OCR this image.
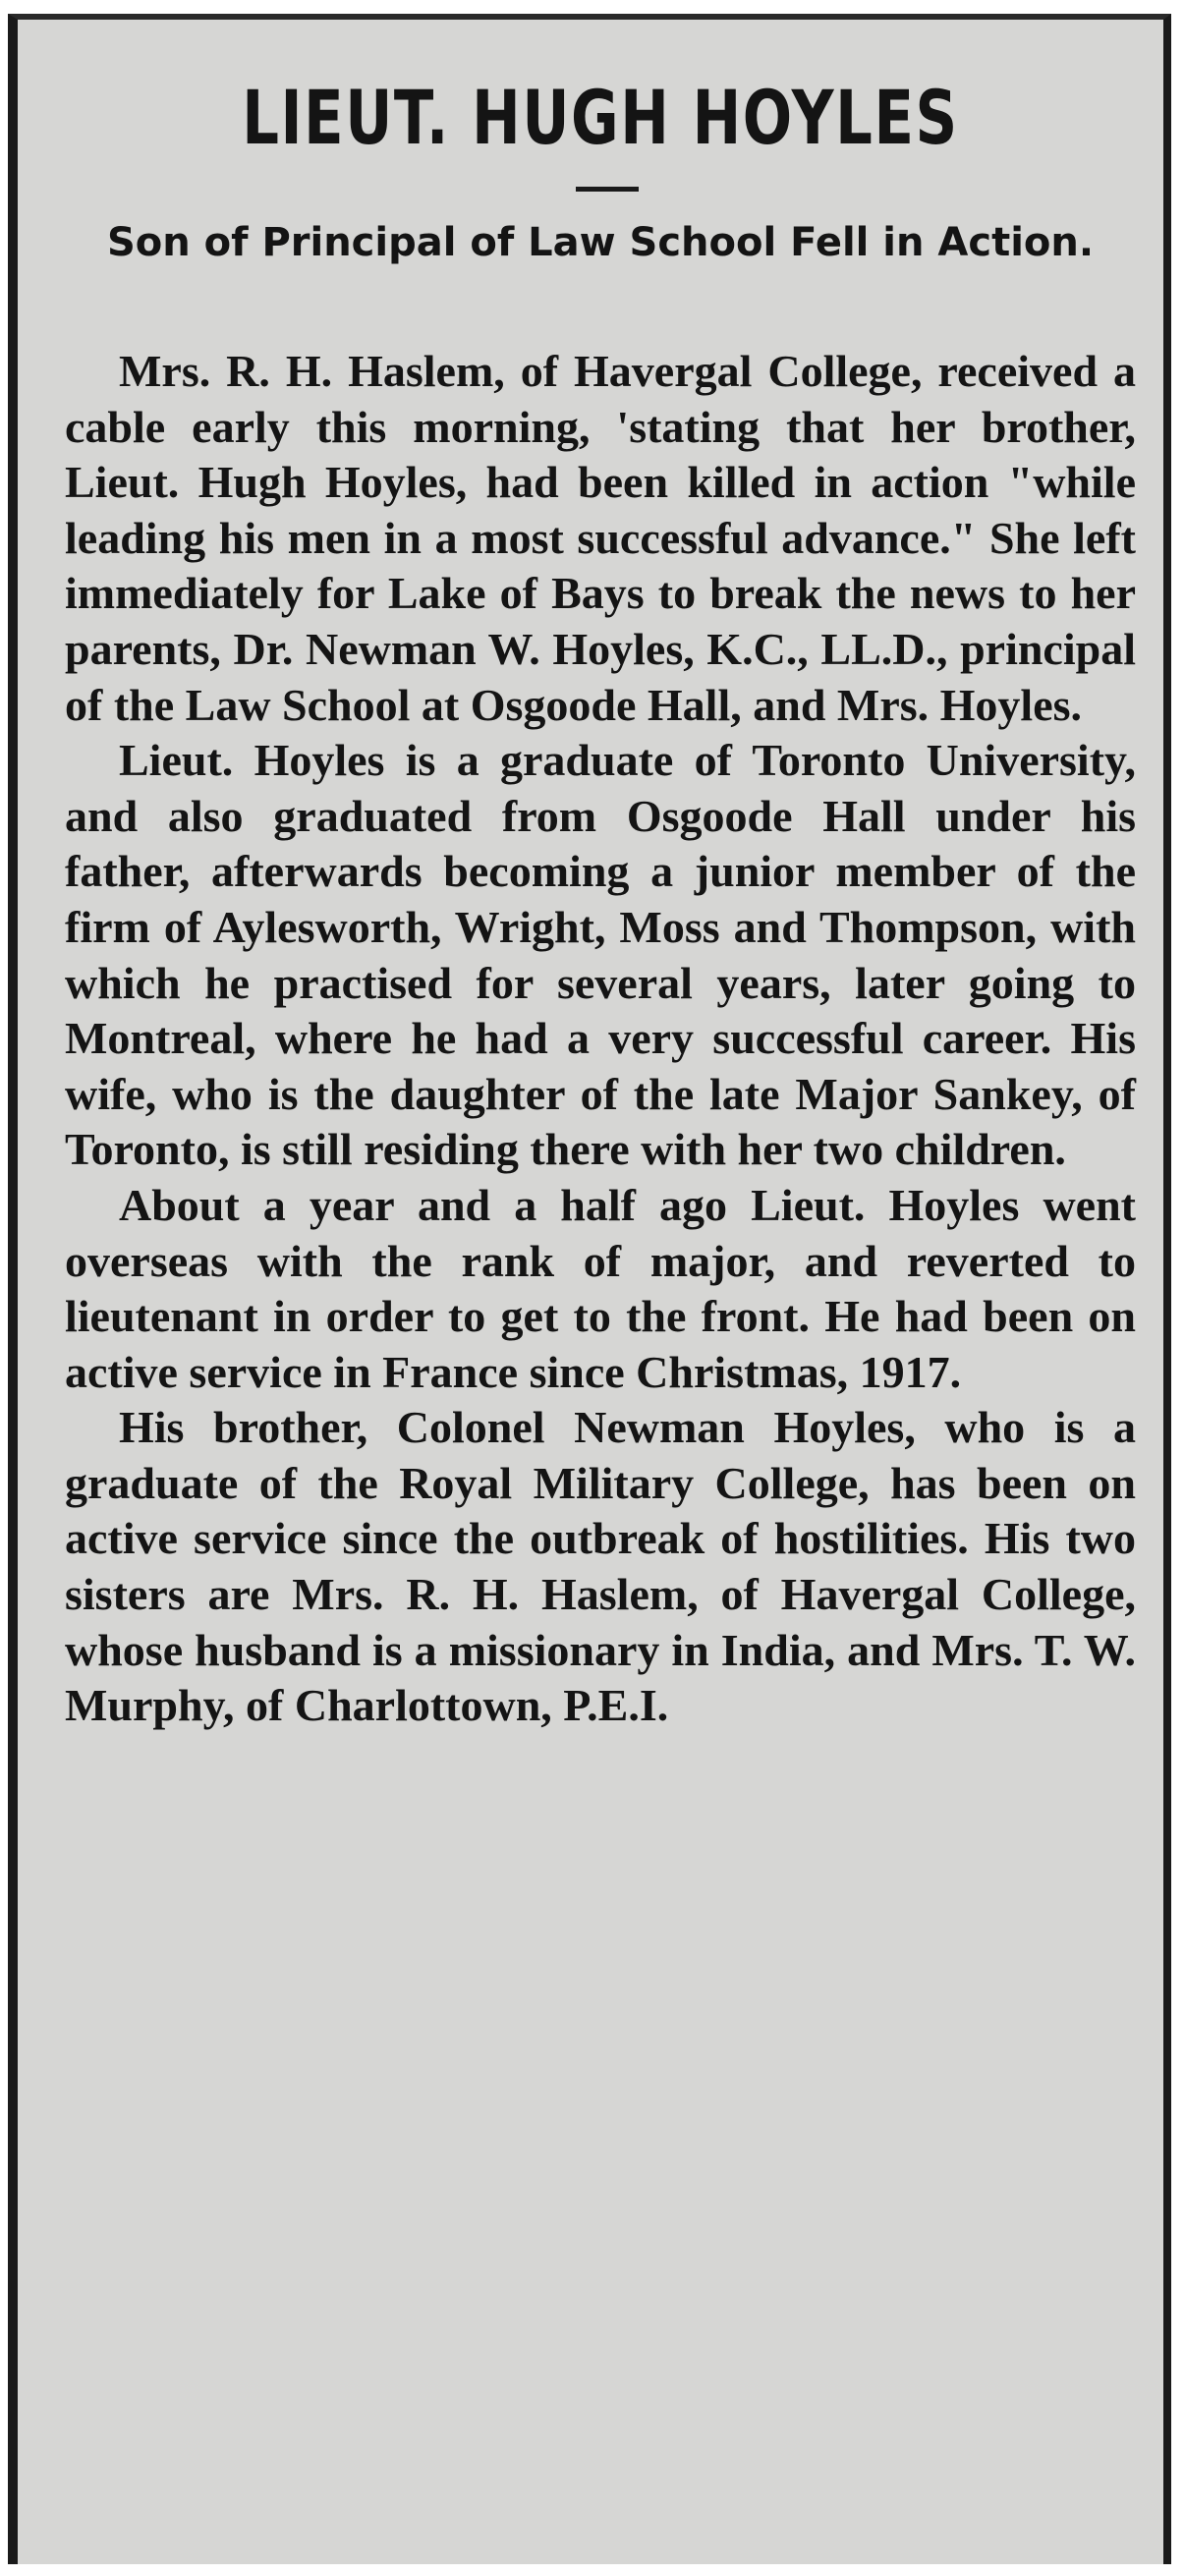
LIEUT. HUGH HOYLES
Son of Principal of Law School Fell in Action.

Mrs. R. H. Haslem, of Havergal College, received a cable early this morning, 'stating that her brother, Lieut. Hugh Hoyles, had been killed in action "while leading his men in a most successful advance." She left immediately for Lake of Bays to break the news to her parents, Dr. Newman W. Hoyles, K.C., LL.D., principal of the Law School at Osgoode Hall, and Mrs. Hoyles.

Lieut. Hoyles is a graduate of Toronto University, and also graduated from Osgoode Hall under his father, afterwards becoming a junior member of the firm of Aylesworth, Wright, Moss and Thompson, with which he practised for several years, later going to Montreal, where he had a very successful career. His wife, who is the daughter of the late Major Sankey, of Toronto, is still residing there with her two children.

About a year and a half ago Lieut. Hoyles went overseas with the rank of major, and reverted to lieutenant in order to get to the front. He had been on active service in France since Christmas, 1917.

His brother, Colonel Newman Hoyles, who is a graduate of the Royal Military College, has been on active service since the outbreak of hostilities. His two sisters are Mrs. R. H. Haslem, of Havergal College, whose husband is a missionary in India, and Mrs. T. W. Murphy, of Charlottown, P.E.I.
